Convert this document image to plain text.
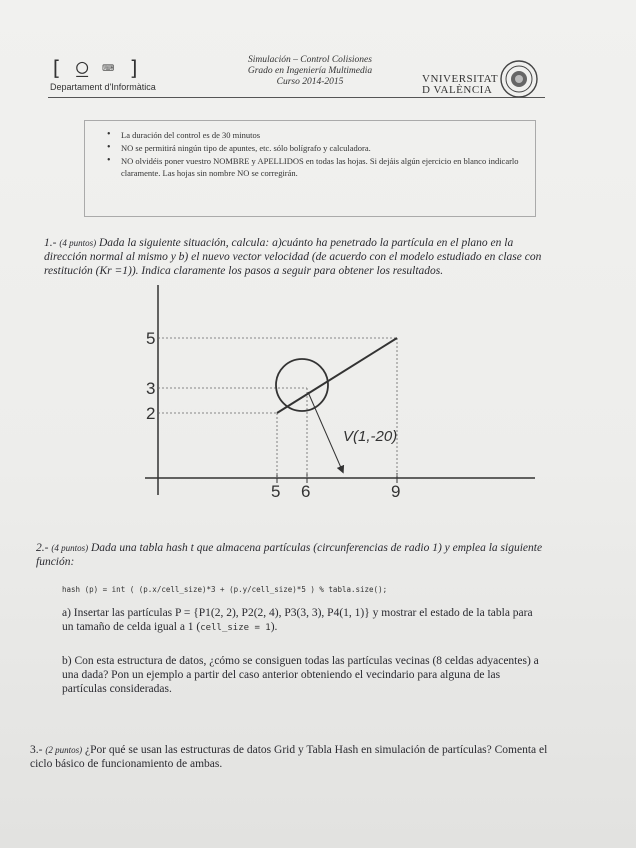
[ ⍜ ⌨ ]
Departament d'Informàtica
Simulación – Control Colisiones
Grado en Ingeniería Multimedia
Curso 2014-2015	VNIVERSITAT
D VALÈNCIA
• La duración del control es de 30 minutos
• NO se permitirá ningún tipo de apuntes, etc. sólo bolígrafo y calculadora.
• NO olvidéis poner vuestro NOMBRE y APELLIDOS en todas las hojas. Si dejáis algún ejercicio en blanco indicarlo claramente. Las hojas sin nombre NO se corregirán.
1.- (4 puntos) Dada la siguiente situación, calcula: a)cuánto ha penetrado la partícula en el plano en la dirección normal al mismo y b) el nuevo vector velocidad (de acuerdo con el modelo estudiado en clase con restitución (Kr =1)). Indica claramente los pasos a seguir para obtener los resultados.
5
3
2
5 6	9
V(1,-20)
2.- (4 puntos) Dada una tabla hash t que almacena partículas (circunferencias de radio 1) y emplea la siguiente función:
hash (p) = int ( (p.x/cell_size)*3 + (p.y/cell_size)*5 ) % tabla.size();
a) Insertar las partículas P = {P1(2, 2), P2(2, 4), P3(3, 3), P4(1, 1)} y mostrar el estado de la tabla para un tamaño de celda igual a 1 (cell_size = 1).
b) Con esta estructura de datos, ¿cómo se consiguen todas las partículas vecinas (8 celdas adyacentes) a una dada? Pon un ejemplo a partir del caso anterior obteniendo el vecindario para alguna de las partículas consideradas.
3.- (2 puntos) ¿Por qué se usan las estructuras de datos Grid y Tabla Hash en simulación de partículas? Comenta el ciclo básico de funcionamiento de ambas.
